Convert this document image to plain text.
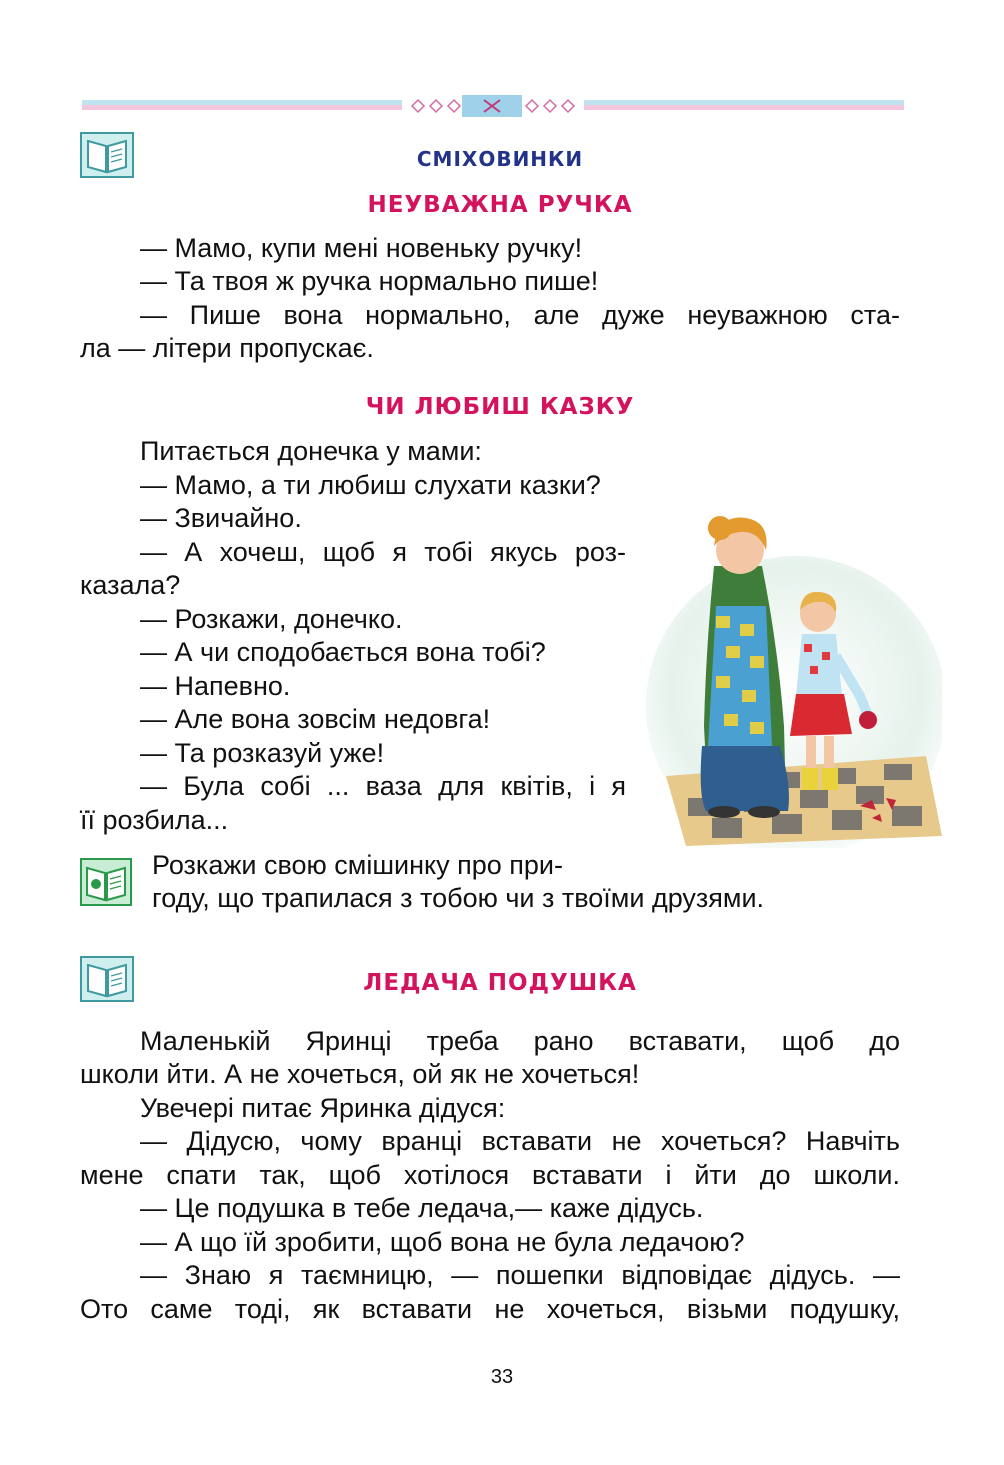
СМІХОВИНКИ
НЕУВАЖНА РУЧКА
— Мамо, купи мені новеньку ручку!
— Та твоя ж ручка нормально пише!
— Пише вона нормально, але дуже неуважною ста-
ла — літери пропускає.
ЧИ ЛЮБИШ КАЗКУ
Питається донечка у мами:
— Мамо, а ти любиш слухати казки?
— Звичайно.
— А хочеш, щоб я тобі якусь роз-
казала?
— Розкажи, донечко.
— А чи сподобається вона тобі?
— Напевно.
— Але вона зовсім недовга!
— Та розказуй уже!
— Була собі ... ваза для квітів, і я
її розбила...
Розкажи свою смішинку про при-
году, що трапилася з тобою чи з твоїми друзями.
ЛЕДАЧА ПОДУШКА
Маленькій Яринці треба рано вставати, щоб до
школи йти. А не хочеться, ой як не хочеться!
Увечері питає Яринка дідуся:
— Дідусю, чому вранці вставати не хочеться? Навчіть
мене спати так, щоб хотілося вставати і йти до школи.
— Це подушка в тебе ледача,— каже дідусь.
— А що їй зробити, щоб вона не була ледачою?
— Знаю я таємницю, — пошепки відповідає дідусь. —
Ото саме тоді, як вставати не хочеться, візьми подушку,
33
